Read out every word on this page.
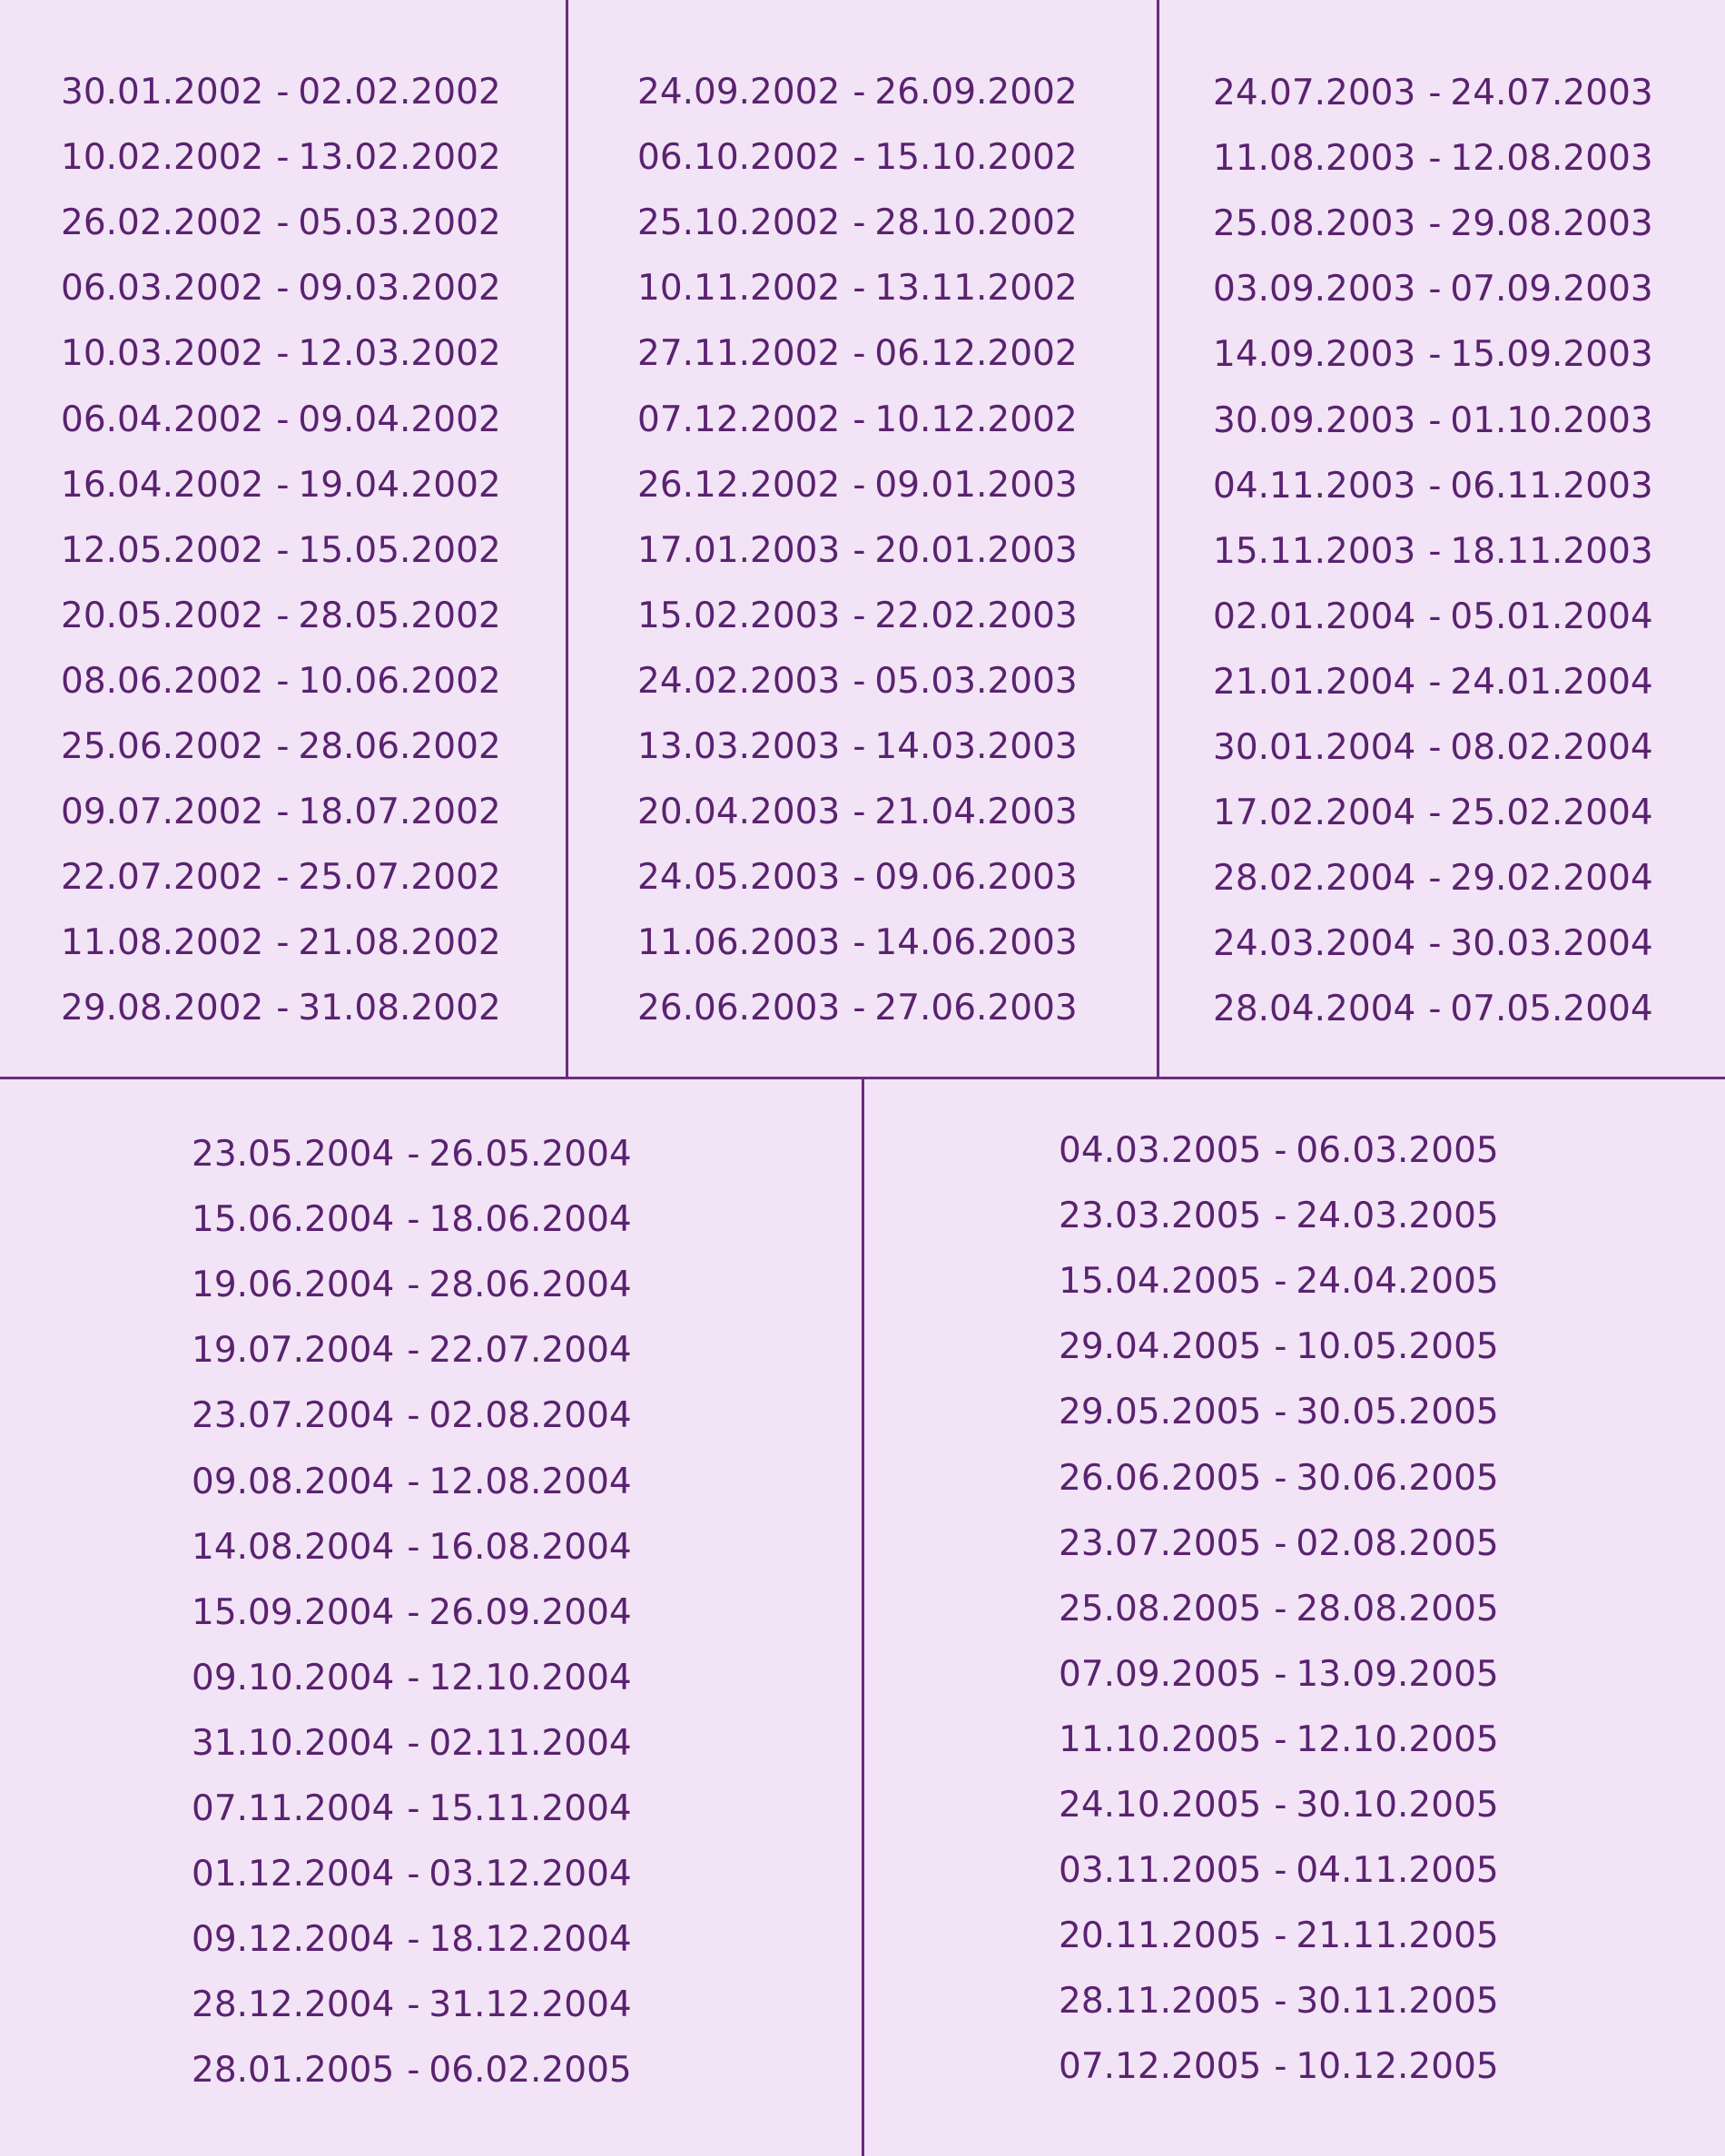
30.01.2002 - 02.02.2002
10.02.2002 - 13.02.2002
26.02.2002 - 05.03.2002
06.03.2002 - 09.03.2002
10.03.2002 - 12.03.2002
06.04.2002 - 09.04.2002
16.04.2002 - 19.04.2002
12.05.2002 - 15.05.2002
20.05.2002 - 28.05.2002
08.06.2002 - 10.06.2002
25.06.2002 - 28.06.2002
09.07.2002 - 18.07.2002
22.07.2002 - 25.07.2002
11.08.2002 - 21.08.2002
29.08.2002 - 31.08.2002
24.09.2002 - 26.09.2002
06.10.2002 - 15.10.2002
25.10.2002 - 28.10.2002
10.11.2002 - 13.11.2002
27.11.2002 - 06.12.2002
07.12.2002 - 10.12.2002
26.12.2002 - 09.01.2003
17.01.2003 - 20.01.2003
15.02.2003 - 22.02.2003
24.02.2003 - 05.03.2003
13.03.2003 - 14.03.2003
20.04.2003 - 21.04.2003
24.05.2003 - 09.06.2003
11.06.2003 - 14.06.2003
26.06.2003 - 27.06.2003
24.07.2003 - 24.07.2003
11.08.2003 - 12.08.2003
25.08.2003 - 29.08.2003
03.09.2003 - 07.09.2003
14.09.2003 - 15.09.2003
30.09.2003 - 01.10.2003
04.11.2003 - 06.11.2003
15.11.2003 - 18.11.2003
02.01.2004 - 05.01.2004
21.01.2004 - 24.01.2004
30.01.2004 - 08.02.2004
17.02.2004 - 25.02.2004
28.02.2004 - 29.02.2004
24.03.2004 - 30.03.2004
28.04.2004 - 07.05.2004
23.05.2004 - 26.05.2004
15.06.2004 - 18.06.2004
19.06.2004 - 28.06.2004
19.07.2004 - 22.07.2004
23.07.2004 - 02.08.2004
09.08.2004 - 12.08.2004
14.08.2004 - 16.08.2004
15.09.2004 - 26.09.2004
09.10.2004 - 12.10.2004
31.10.2004 - 02.11.2004
07.11.2004 - 15.11.2004
01.12.2004 - 03.12.2004
09.12.2004 - 18.12.2004
28.12.2004 - 31.12.2004
28.01.2005 - 06.02.2005
04.03.2005 - 06.03.2005
23.03.2005 - 24.03.2005
15.04.2005 - 24.04.2005
29.04.2005 - 10.05.2005
29.05.2005 - 30.05.2005
26.06.2005 - 30.06.2005
23.07.2005 - 02.08.2005
25.08.2005 - 28.08.2005
07.09.2005 - 13.09.2005
11.10.2005 - 12.10.2005
24.10.2005 - 30.10.2005
03.11.2005 - 04.11.2005
20.11.2005 - 21.11.2005
28.11.2005 - 30.11.2005
07.12.2005 - 10.12.2005
